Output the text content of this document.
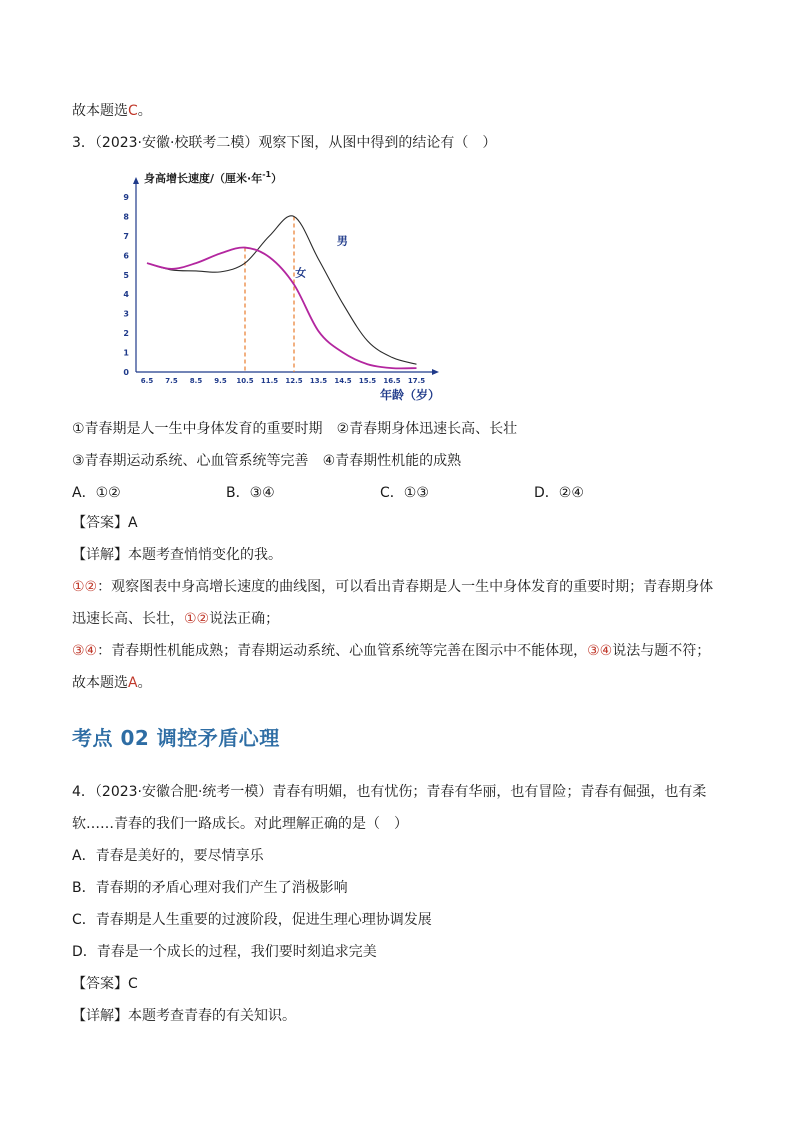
故本题选C。
3．（2023·安徽·校联考二模）观察下图，从图中得到的结论有（　）
0
1
2
3
4
5
6
7
8
9
6.5 7.5 8.5 9.5 10.5 11.5 12.5 13.5 14.5 15.5 16.5 17.5
男
女
身高增长速度/（厘米·年$^{-1}$）
年龄（岁）
①青春期是人一生中身体发育的重要时期   ②青春期身体迅速长高、长壮
③青春期运动系统、心血管系统等完善   ④青春期性机能的成熟
A．①②	B．③④	C．①③	D．②④
【答案】A
【详解】本题考查悄悄变化的我。
①②：观察图表中身高增长速度的曲线图，可以看出青春期是人一生中身体发育的重要时期；青春期身体
迅速长高、长壮，①②说法正确；
③④：青春期性机能成熟；青春期运动系统、心血管系统等完善在图示中不能体现，③④说法与题不符；
故本题选A。
考点 02 调控矛盾心理
4．（2023·安徽合肥·统考一模）青春有明媚，也有忧伤；青春有华丽，也有冒险；青春有倔强，也有柔
软……青春的我们一路成长。对此理解正确的是（　）
A．青春是美好的，要尽情享乐
B．青春期的矛盾心理对我们产生了消极影响
C．青春期是人生重要的过渡阶段，促进生理心理协调发展
D．青春是一个成长的过程，我们要时刻追求完美
【答案】C
【详解】本题考查青春的有关知识。
